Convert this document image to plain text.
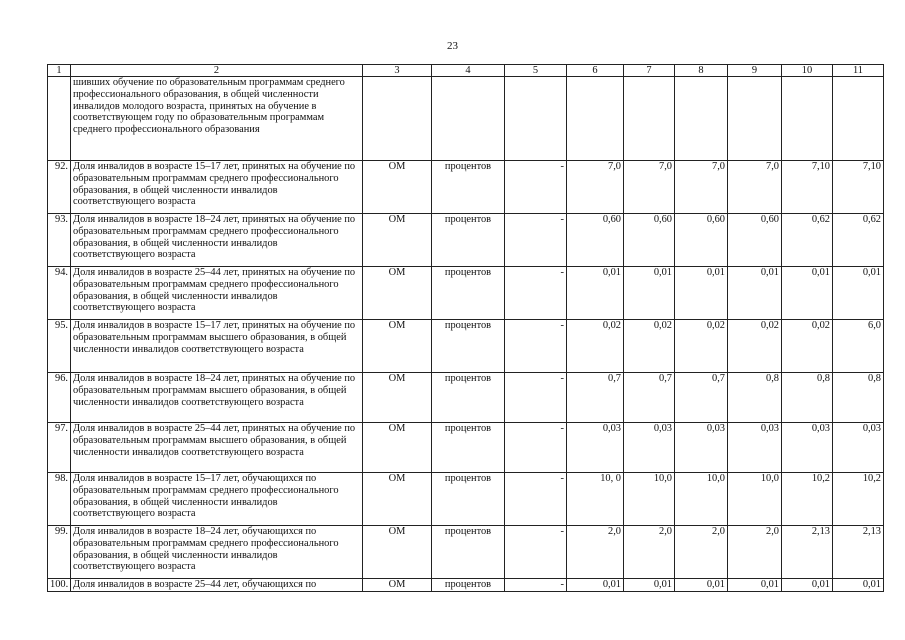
23
1	2	3	4	5	6	7	8	9	10	11
	шивших обучение по образовательным программам среднего профессионального образования, в общей численности инвалидов молодого возраста, принятых на обучение в соответствующем году по образовательным программам среднего профессионального образования									
92.	Доля инвалидов в возрасте 15–17 лет, принятых на обучение по образовательным программам среднего профессионального образования, в общей численности инвалидов соответствующего возраста	ОМ	процентов	-	7,0	7,0	7,0	7,0	7,10	7,10
93.	Доля инвалидов в возрасте 18–24 лет, принятых на обучение по образовательным программам среднего профессионального образования, в общей численности инвалидов соответствующего возраста	ОМ	процентов	-	0,60	0,60	0,60	0,60	0,62	0,62
94.	Доля инвалидов в возрасте 25–44 лет, принятых на обучение по образовательным программам среднего профессионального образования, в общей численности инвалидов соответствующего возраста	ОМ	процентов	-	0,01	0,01	0,01	0,01	0,01	0,01
95.	Доля инвалидов в возрасте 15–17 лет, принятых на обучение по образовательным программам высшего образования, в общей численности инвалидов соответствующего возраста	ОМ	процентов	-	0,02	0,02	0,02	0,02	0,02	6,0
96.	Доля инвалидов в возрасте 18–24 лет, принятых на обучение по образовательным программам высшего образования, в общей численности инвалидов соответствующего возраста	ОМ	процентов	-	0,7	0,7	0,7	0,8	0,8	0,8
97.	Доля инвалидов в возрасте 25–44 лет, принятых на обучение по образовательным программам высшего образования, в общей численности инвалидов соответствующего возраста	ОМ	процентов	-	0,03	0,03	0,03	0,03	0,03	0,03
98.	Доля инвалидов в возрасте 15–17 лет, обучающихся по образовательным программам среднего профессионального образования, в общей численности инвалидов соответствующего возраста	ОМ	процентов	-	10, 0	10,0	10,0	10,0	10,2	10,2
99.	Доля инвалидов в возрасте 18–24 лет, обучающихся по образовательным программам среднего профессионального образования, в общей численности инвалидов соответствующего возраста	ОМ	процентов	-	2,0	2,0	2,0	2,0	2,13	2,13
100.	Доля инвалидов в возрасте 25–44 лет, обучающихся по	ОМ	процентов	-	0,01	0,01	0,01	0,01	0,01	0,01
